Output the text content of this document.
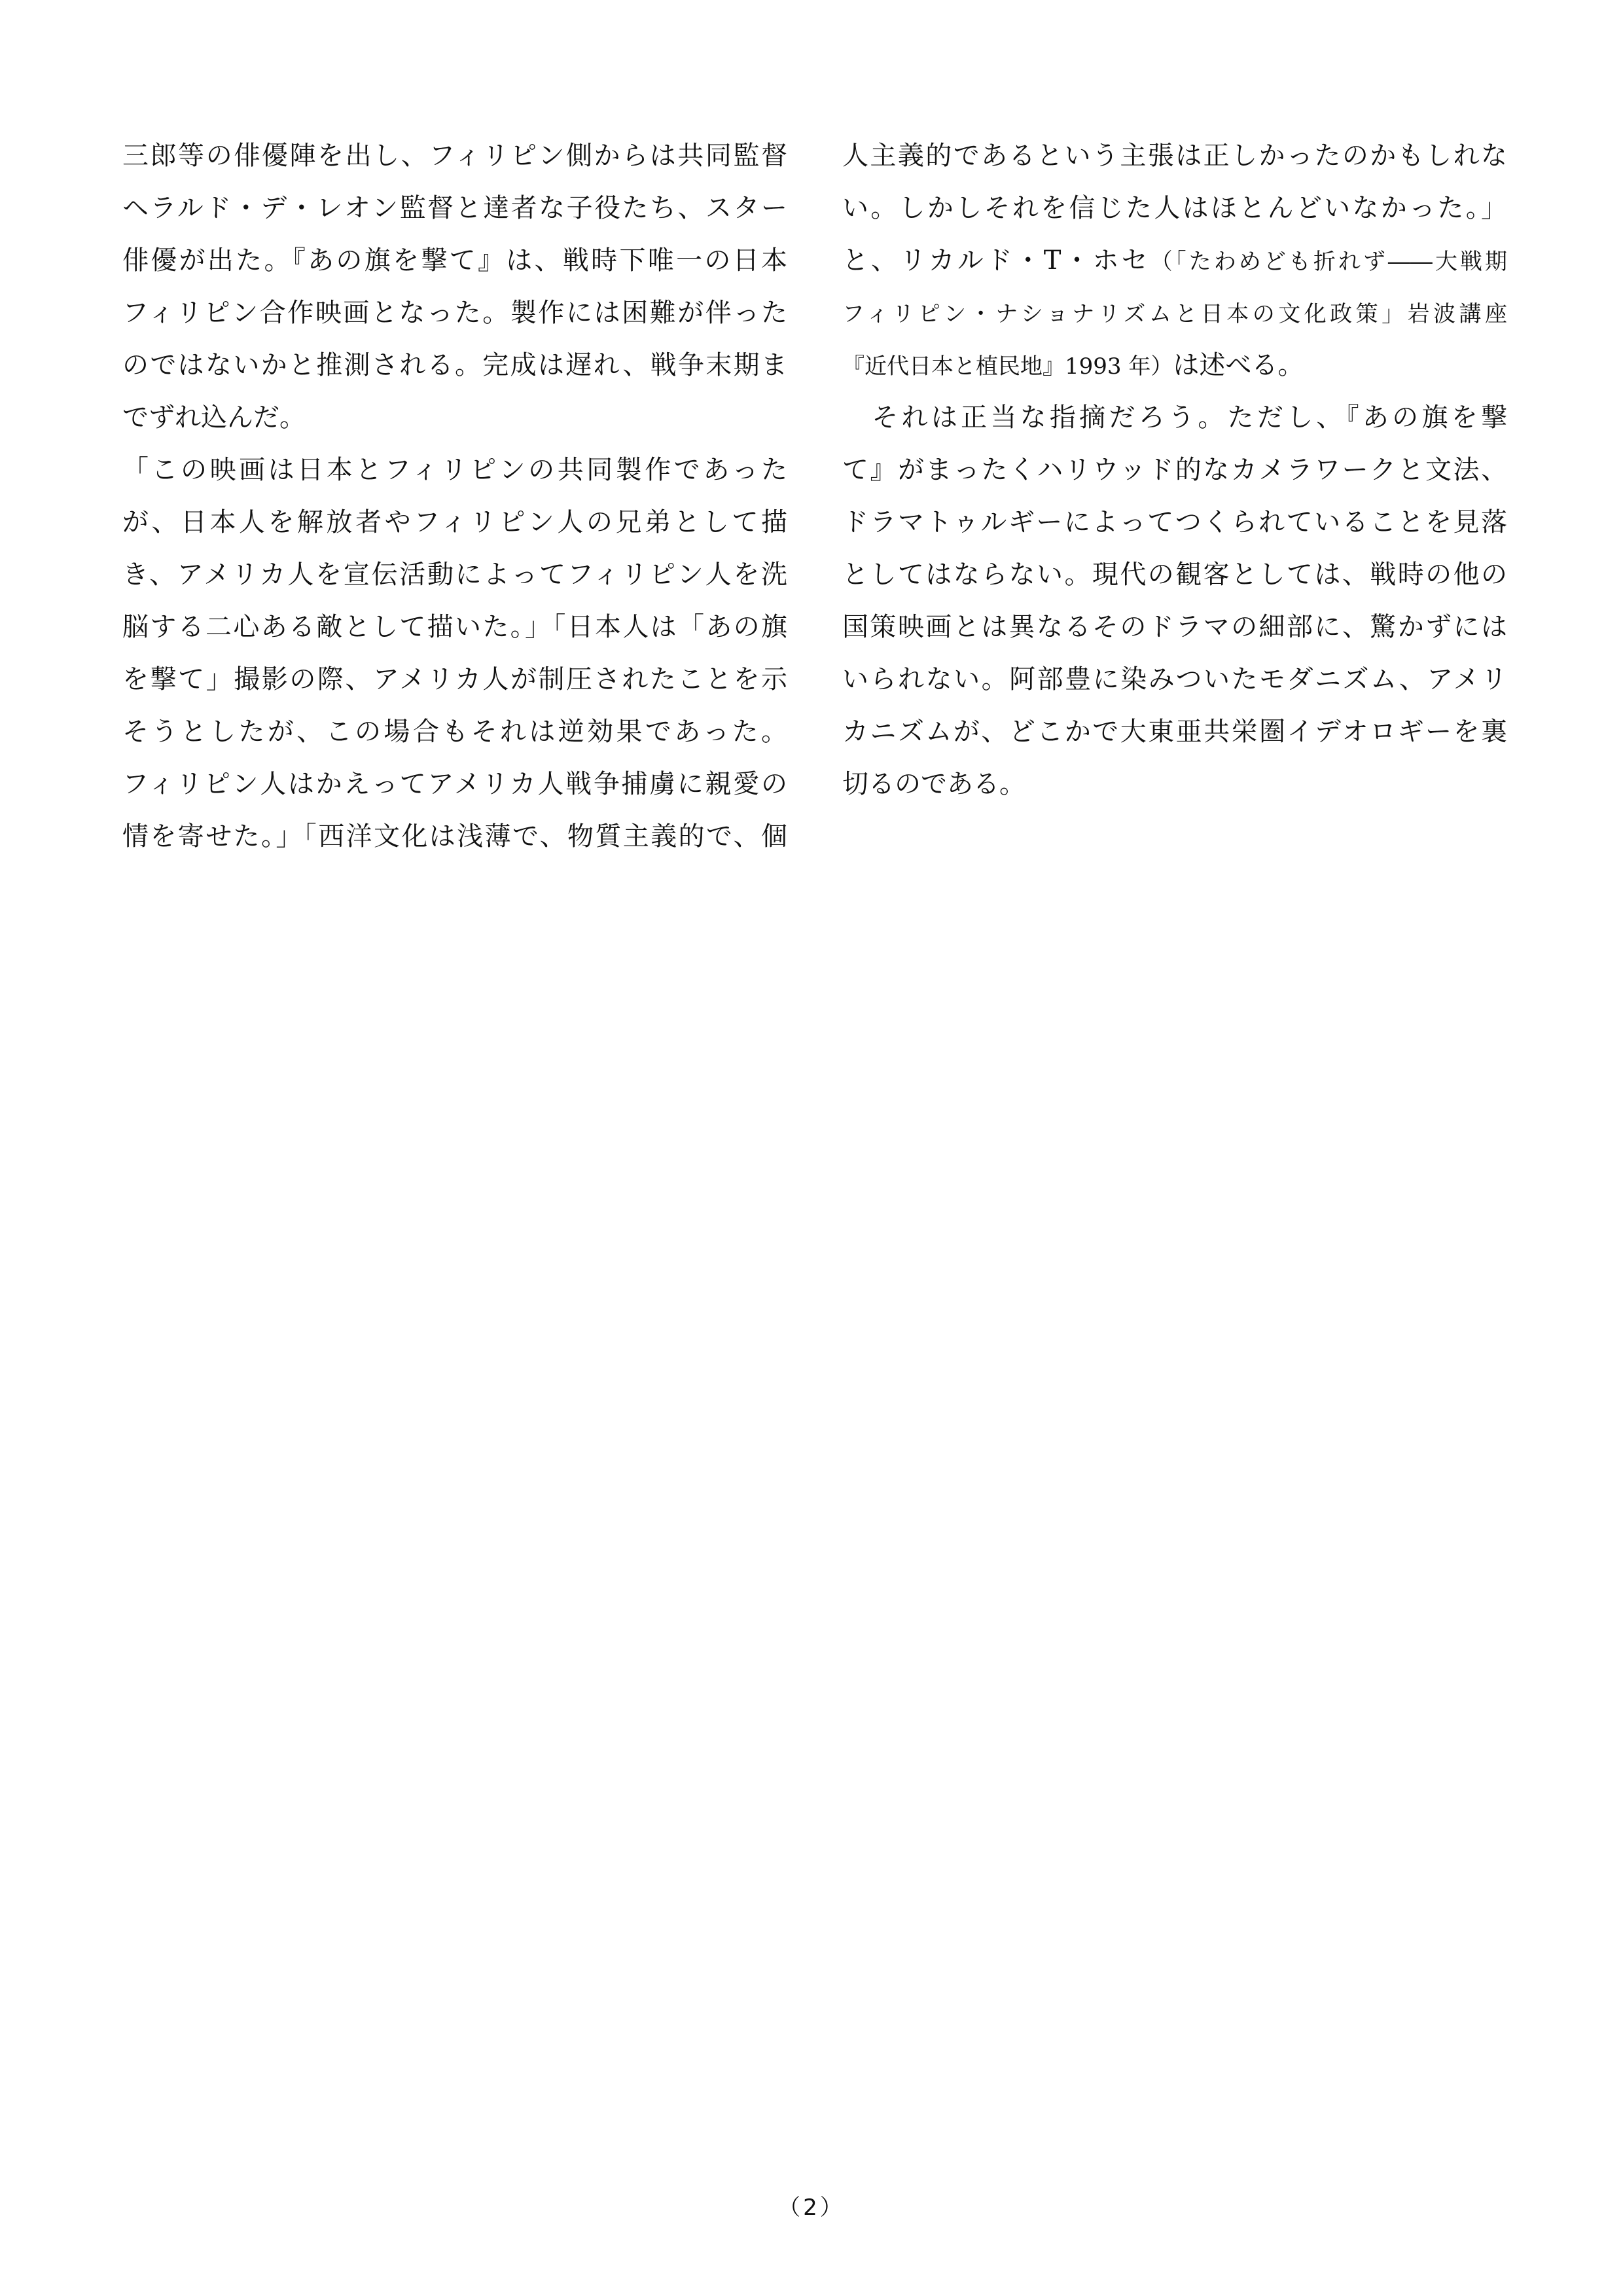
三郎等の俳優陣を出し、フィリピン側からは共同監督
ヘラルド・デ・レオン監督と達者な子役たち、スター
俳優が出た。『あの旗を撃て』は、戦時下唯一の日本
フィリピン合作映画となった。製作には困難が伴った
のではないかと推測される。完成は遅れ、戦争末期ま
でずれ込んだ。
「この映画は日本とフィリピンの共同製作であった
が、日本人を解放者やフィリピン人の兄弟として描
き、アメリカ人を宣伝活動によってフィリピン人を洗
脳する二心ある敵として描いた。」「日本人は「あの旗
を撃て」撮影の際、アメリカ人が制圧されたことを示
そうとしたが、この場合もそれは逆効果であった。
フィリピン人はかえってアメリカ人戦争捕虜に親愛の
情を寄せた。」「西洋文化は浅薄で、物質主義的で、個
人主義的であるという主張は正しかったのかもしれな
い。しかしそれを信じた人はほとんどいなかった。」
と、リカルド・T・ホセ（「たわめども折れず――大戦期
フィリピン・ナショナリズムと日本の文化政策」岩波講座
『近代日本と植民地』1993 年）は述べる。
　それは正当な指摘だろう。ただし、『あの旗を撃
て』がまったくハリウッド的なカメラワークと文法、
ドラマトゥルギーによってつくられていることを見落
としてはならない。現代の観客としては、戦時の他の
国策映画とは異なるそのドラマの細部に、驚かずには
いられない。阿部豊に染みついたモダニズム、アメリ
カニズムが、どこかで大東亜共栄圏イデオロギーを裏
切るのである。
（2）
